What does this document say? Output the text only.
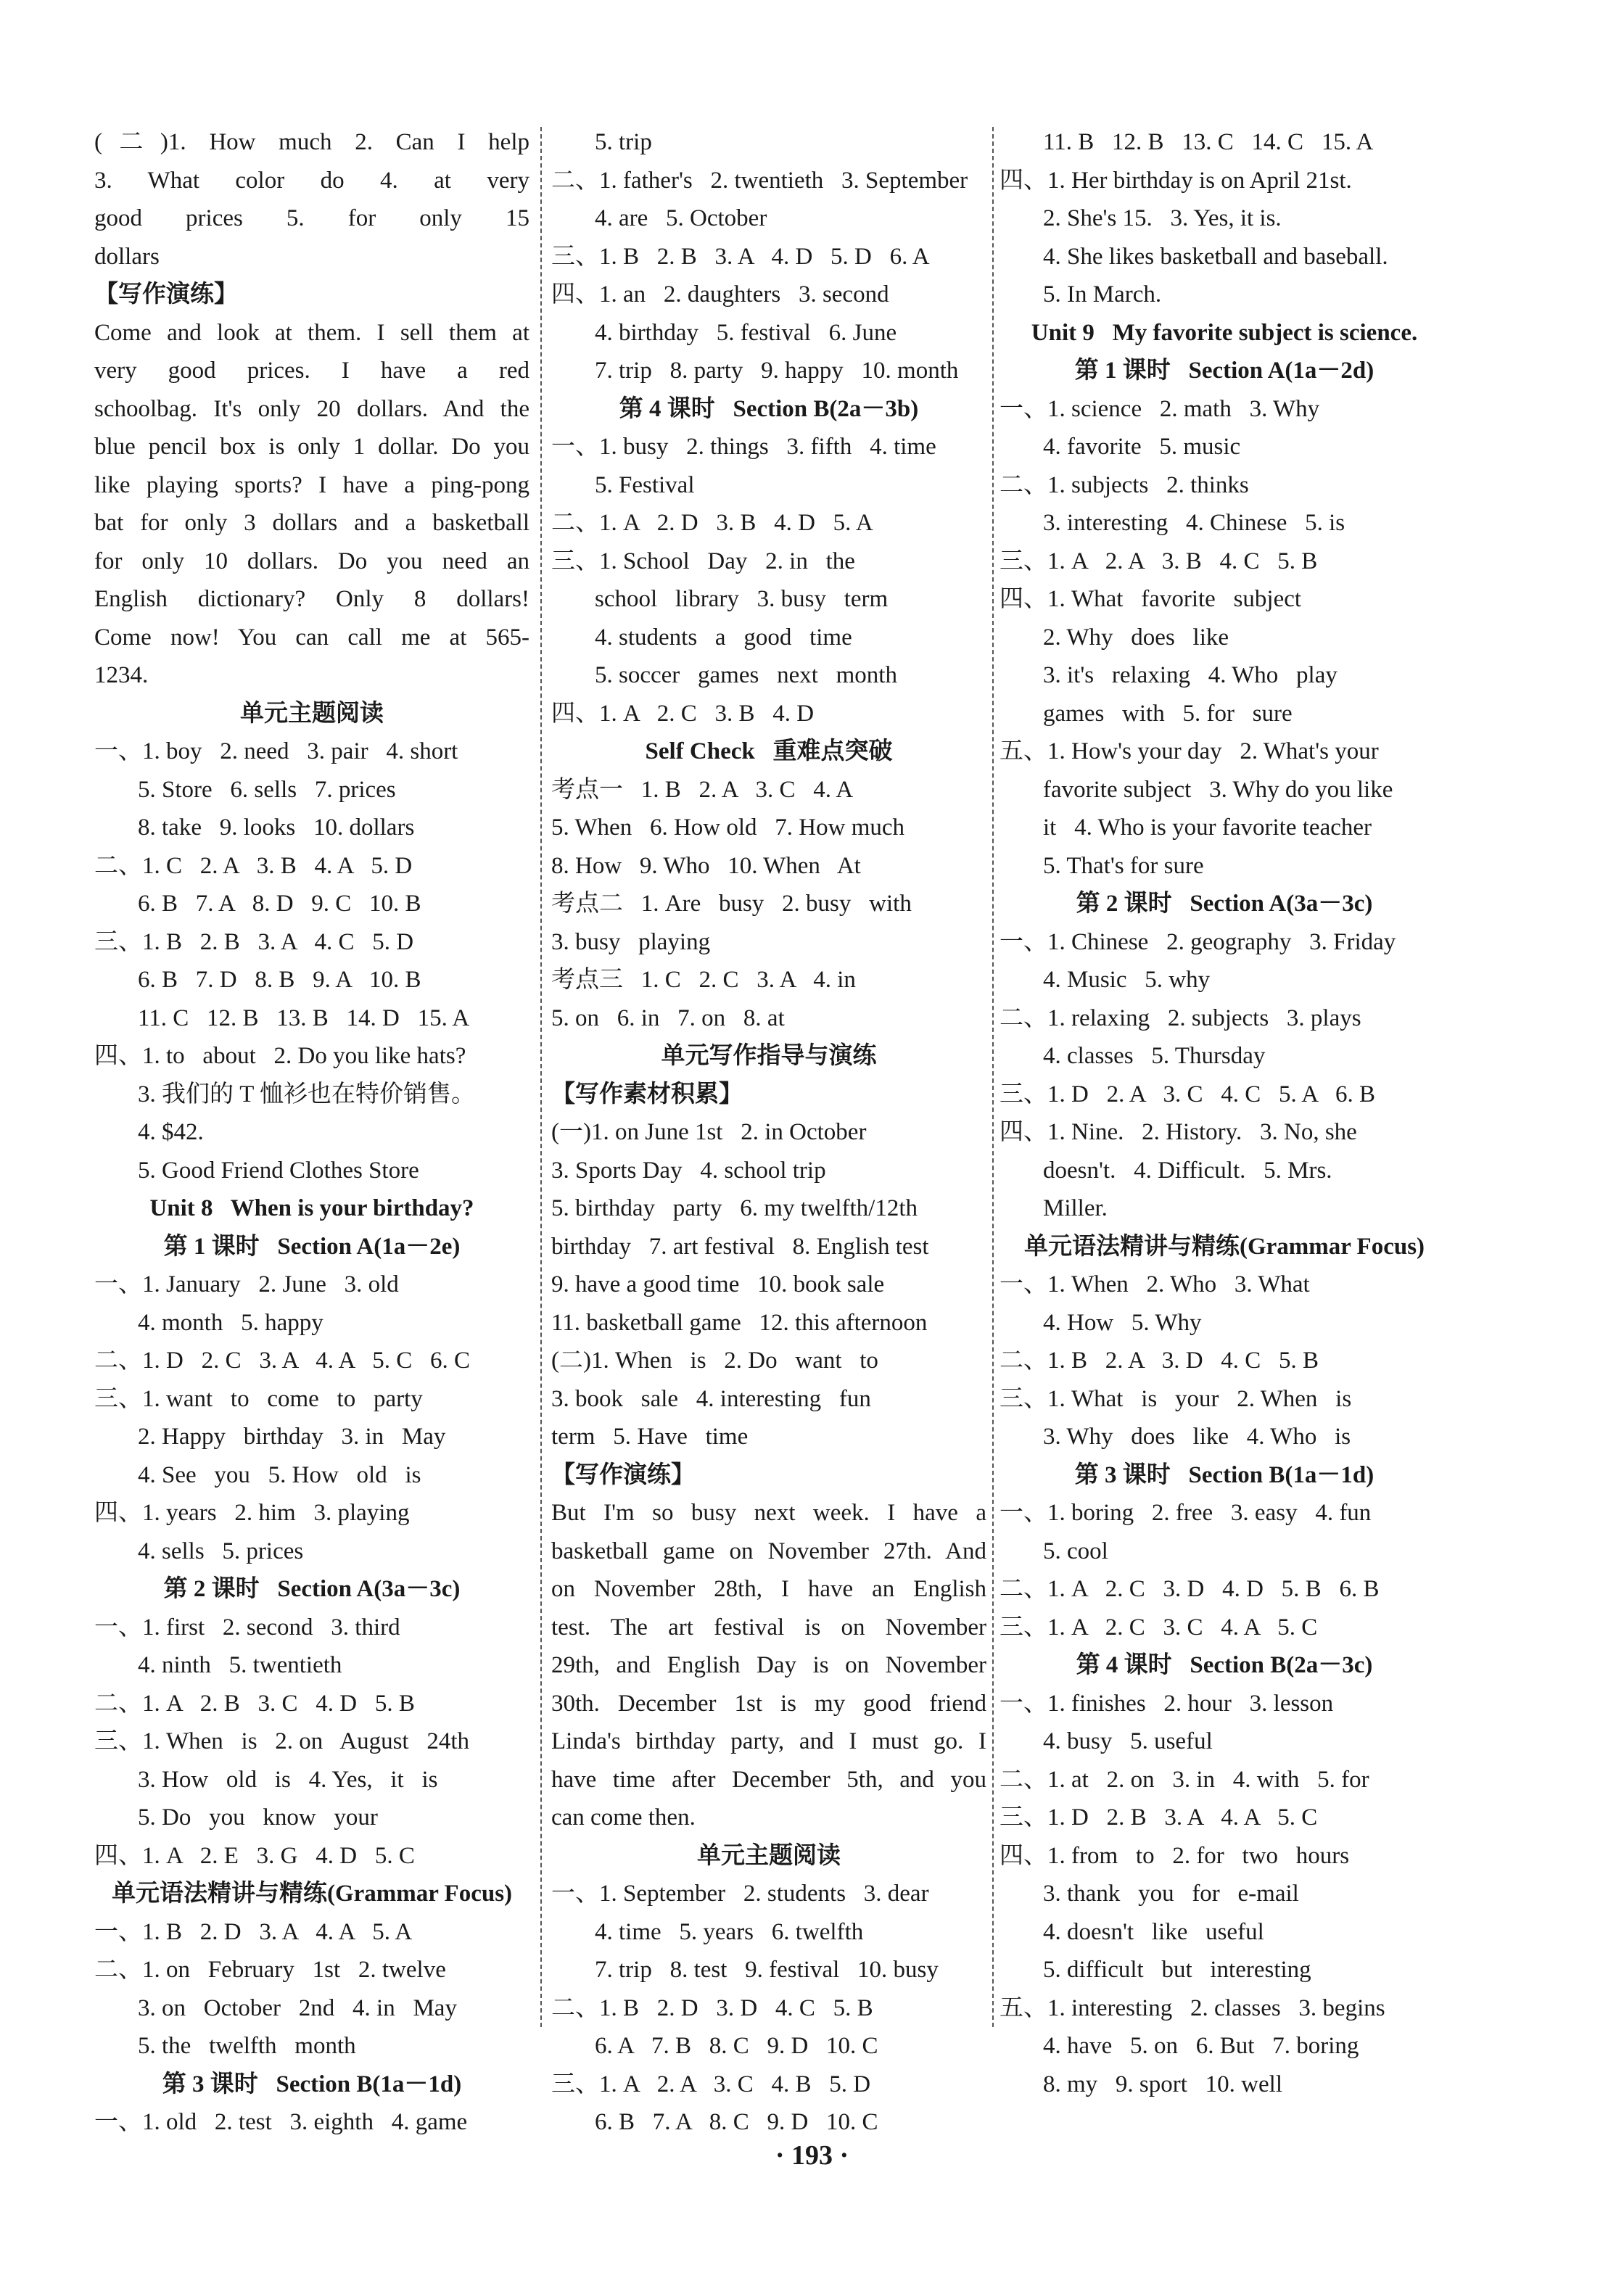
(二)1. How much 2. Can I help
3. What color do 4. at very
good prices 5. for only 15
dollars
【写作演练】
Come and look at them. I sell them at
very good prices. I have a red
schoolbag. It's only 20 dollars. And the
blue pencil box is only 1 dollar. Do you
like playing sports? I have a ping-pong
bat for only 3 dollars and a basketball
for only 10 dollars. Do you need an
English dictionary? Only 8 dollars!
Come now! You can call me at 565-
1234.
单元主题阅读
一、1. boy   2. need   3. pair   4. short
5. Store   6. sells   7. prices
8. take   9. looks   10. dollars
二、1. C   2. A   3. B   4. A   5. D
6. B   7. A   8. D   9. C   10. B
三、1. B   2. B   3. A   4. C   5. D
6. B   7. D   8. B   9. A   10. B
11. C   12. B   13. B   14. D   15. A
四、1. to   about   2. Do you like hats?
3. 我们的 T 恤衫也在特价销售。
4. $42.
5. Good Friend Clothes Store
Unit 8   When is your birthday?
第 1 课时   Section A(1a－2e)
一、1. January   2. June   3. old
4. month   5. happy
二、1. D   2. C   3. A   4. A   5. C   6. C
三、1. want   to   come   to   party
2. Happy   birthday   3. in   May
4. See   you   5. How   old   is
四、1. years   2. him   3. playing
4. sells   5. prices
第 2 课时   Section A(3a－3c)
一、1. first   2. second   3. third
4. ninth   5. twentieth
二、1. A   2. B   3. C   4. D   5. B
三、1. When   is   2. on   August   24th
3. How   old   is   4. Yes,   it   is
5. Do   you   know   your
四、1. A   2. E   3. G   4. D   5. C
单元语法精讲与精练(Grammar Focus)
一、1. B   2. D   3. A   4. A   5. A
二、1. on   February   1st   2. twelve
3. on   October   2nd   4. in   May
5. the   twelfth   month
第 3 课时   Section B(1a－1d)
一、1. old   2. test   3. eighth   4. game
5. trip
二、1. father's   2. twentieth   3. September
4. are   5. October
三、1. B   2. B   3. A   4. D   5. D   6. A
四、1. an   2. daughters   3. second
4. birthday   5. festival   6. June
7. trip   8. party   9. happy   10. month
第 4 课时   Section B(2a－3b)
一、1. busy   2. things   3. fifth   4. time
5. Festival
二、1. A   2. D   3. B   4. D   5. A
三、1. School   Day   2. in   the
school   library   3. busy   term
4. students   a   good   time
5. soccer   games   next   month
四、1. A   2. C   3. B   4. D
Self Check   重难点突破
考点一   1. B   2. A   3. C   4. A
5. When   6. How old   7. How much
8. How   9. Who   10. When   At
考点二   1. Are   busy   2. busy   with
3. busy   playing
考点三   1. C   2. C   3. A   4. in
5. on   6. in   7. on   8. at
单元写作指导与演练
【写作素材积累】
(一)1. on June 1st   2. in October
3. Sports Day   4. school trip
5. birthday   party   6. my twelfth/12th
birthday   7. art festival   8. English test
9. have a good time   10. book sale
11. basketball game   12. this afternoon
(二)1. When   is   2. Do   want   to
3. book   sale   4. interesting   fun
term   5. Have   time
【写作演练】
But I'm so busy next week. I have a
basketball game on November 27th. And
on November 28th, I have an English
test. The art festival is on November
29th, and English Day is on November
30th. December 1st is my good friend
Linda's birthday party, and I must go. I
have time after December 5th, and you
can come then.
单元主题阅读
一、1. September   2. students   3. dear
4. time   5. years   6. twelfth
7. trip   8. test   9. festival   10. busy
二、1. B   2. D   3. D   4. C   5. B
6. A   7. B   8. C   9. D   10. C
三、1. A   2. A   3. C   4. B   5. D
6. B   7. A   8. C   9. D   10. C
11. B   12. B   13. C   14. C   15. A
四、1. Her birthday is on April 21st.
2. She's 15.   3. Yes, it is.
4. She likes basketball and baseball.
5. In March.
Unit 9   My favorite subject is science.
第 1 课时   Section A(1a－2d)
一、1. science   2. math   3. Why
4. favorite   5. music
二、1. subjects   2. thinks
3. interesting   4. Chinese   5. is
三、1. A   2. A   3. B   4. C   5. B
四、1. What   favorite   subject
2. Why   does   like
3. it's   relaxing   4. Who   play
games   with   5. for   sure
五、1. How's your day   2. What's your
favorite subject   3. Why do you like
it   4. Who is your favorite teacher
5. That's for sure
第 2 课时   Section A(3a－3c)
一、1. Chinese   2. geography   3. Friday
4. Music   5. why
二、1. relaxing   2. subjects   3. plays
4. classes   5. Thursday
三、1. D   2. A   3. C   4. C   5. A   6. B
四、1. Nine.   2. History.   3. No, she
doesn't.   4. Difficult.   5. Mrs.
Miller.
单元语法精讲与精练(Grammar Focus)
一、1. When   2. Who   3. What
4. How   5. Why
二、1. B   2. A   3. D   4. C   5. B
三、1. What   is   your   2. When   is
3. Why   does   like   4. Who   is
第 3 课时   Section B(1a－1d)
一、1. boring   2. free   3. easy   4. fun
5. cool
二、1. A   2. C   3. D   4. D   5. B   6. B
三、1. A   2. C   3. C   4. A   5. C
第 4 课时   Section B(2a－3c)
一、1. finishes   2. hour   3. lesson
4. busy   5. useful
二、1. at   2. on   3. in   4. with   5. for
三、1. D   2. B   3. A   4. A   5. C
四、1. from   to   2. for   two   hours
3. thank   you   for   e-mail
4. doesn't   like   useful
5. difficult   but   interesting
五、1. interesting   2. classes   3. begins
4. have   5. on   6. But   7. boring
8. my   9. sport   10. well
· 193 ·
